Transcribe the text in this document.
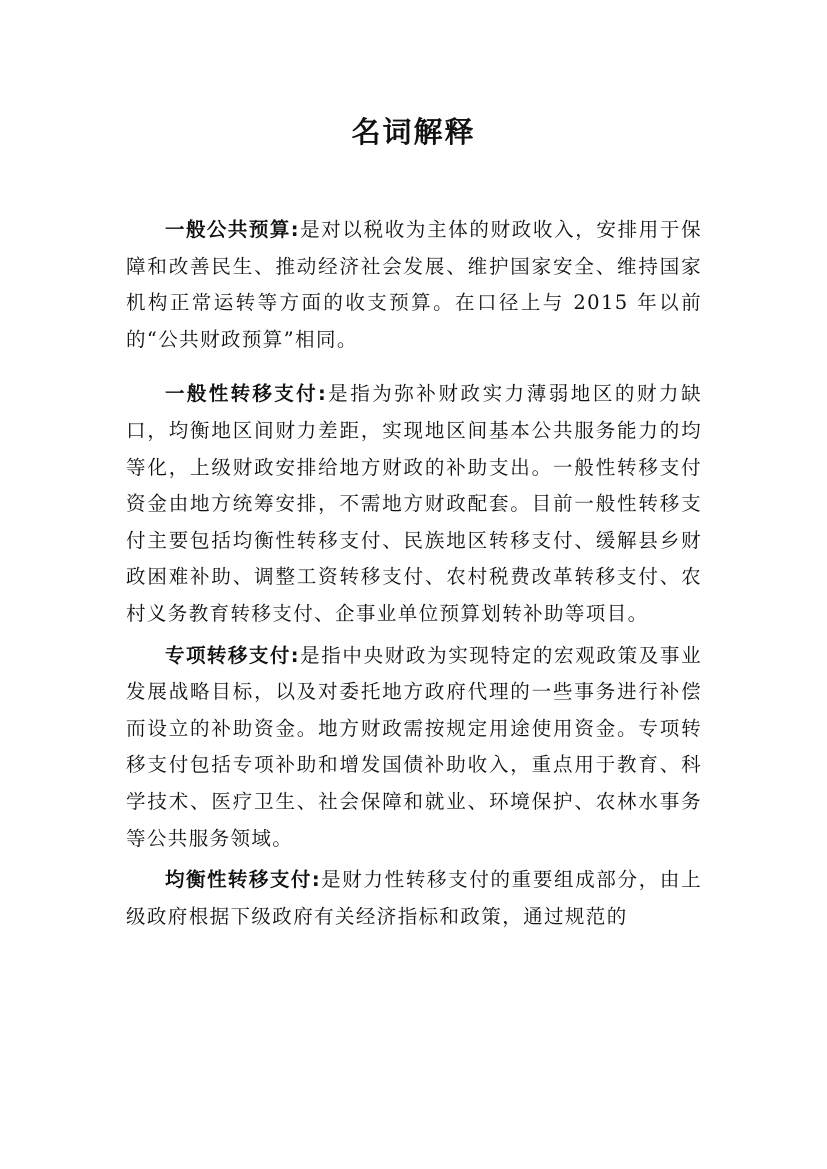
名词解释

一般公共预算:是对以税收为主体的财政收入，安排用于保障和改善民生、推动经济社会发展、维护国家安全、维持国家机构正常运转等方面的收支预算。在口径上与 2015 年以前的“公共财政预算”相同。

一般性转移支付:是指为弥补财政实力薄弱地区的财力缺口，均衡地区间财力差距，实现地区间基本公共服务能力的均等化，上级财政安排给地方财政的补助支出。一般性转移支付资金由地方统筹安排，不需地方财政配套。目前一般性转移支付主要包括均衡性转移支付、民族地区转移支付、缓解县乡财政困难补助、调整工资转移支付、农村税费改革转移支付、农村义务教育转移支付、企事业单位预算划转补助等项目。

专项转移支付:是指中央财政为实现特定的宏观政策及事业发展战略目标，以及对委托地方政府代理的一些事务进行补偿而设立的补助资金。地方财政需按规定用途使用资金。专项转移支付包括专项补助和增发国债补助收入，重点用于教育、科学技术、医疗卫生、社会保障和就业、环境保护、农林水事务等公共服务领域。

均衡性转移支付:是财力性转移支付的重要组成部分，由上级政府根据下级政府有关经济指标和政策，通过规范的
